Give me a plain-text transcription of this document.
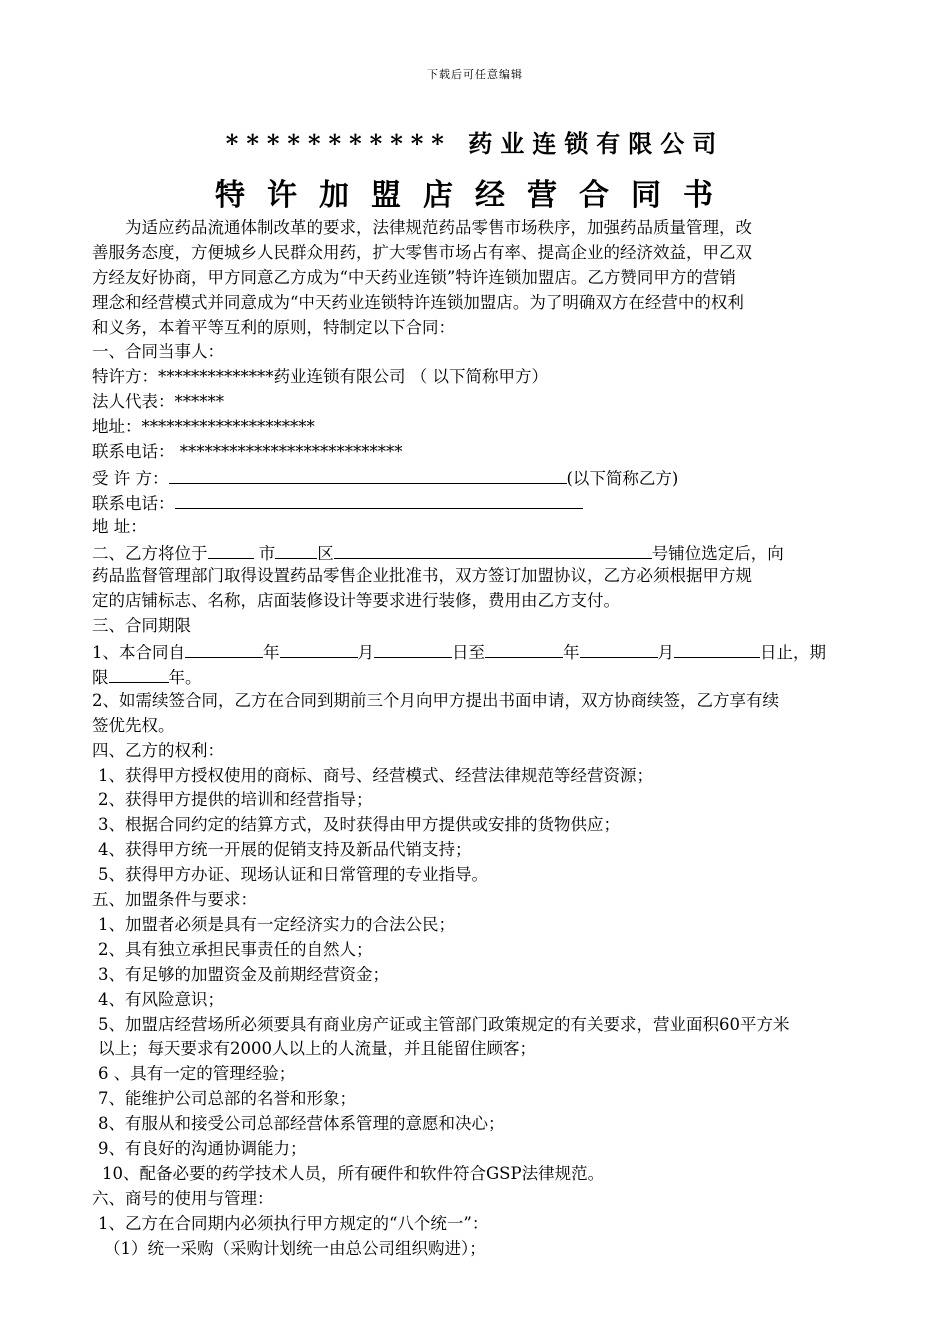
下载后可任意编辑
*********** 药业连锁有限公司
特许加盟店经营合同书
为适应药品流通体制改革的要求，法律规范药品零售市场秩序，加强药品质量管理，改
善服务态度，方便城乡人民群众用药，扩大零售市场占有率、提高企业的经济效益，甲乙双
方经友好协商，甲方同意乙方成为“中天药业连锁”特许连锁加盟店。乙方赞同甲方的营销
理念和经营模式并同意成为“中天药业连锁特许连锁加盟店。为了明确双方在经营中的权利
和义务，本着平等互利的原则，特制定以下合同：
一、合同当事人：
特许方：**************药业连锁有限公司 （ 以下简称甲方）
法人代表：******
地址：*********************
联系电话： ***************************
受 许 方：	(以下简称乙方)
联系电话：
地 址：
二、乙方将位于	市	区	号铺位选定后，向
药品监督管理部门取得设置药品零售企业批准书，双方签订加盟协议，乙方必须根据甲方规
定的店铺标志、名称，店面装修设计等要求进行装修，费用由乙方支付。
三、合同期限
1、本合同自	年	月	日至	年	月	日止，期
限	年。
2、如需续签合同，乙方在合同到期前三个月向甲方提出书面申请，双方协商续签，乙方享有续
签优先权。
四、乙方的权利：
1、获得甲方授权使用的商标、商号、经营模式、经营法律规范等经营资源；
2、获得甲方提供的培训和经营指导；
3、根据合同约定的结算方式，及时获得由甲方提供或安排的货物供应；
4、获得甲方统一开展的促销支持及新品代销支持；
5、获得甲方办证、现场认证和日常管理的专业指导。
五、加盟条件与要求：
1、加盟者必须是具有一定经济实力的合法公民；
2、具有独立承担民事责任的自然人；
3、有足够的加盟资金及前期经营资金；
4、有风险意识；
5、加盟店经营场所必须要具有商业房产证或主管部门政策规定的有关要求，营业面积60平方米
以上；每天要求有2000人以上的人流量，并且能留住顾客；
6 、具有一定的管理经验；
7、能维护公司总部的名誉和形象；
8、有服从和接受公司总部经营体系管理的意愿和决心；
9、有良好的沟通协调能力；
10、配备必要的药学技术人员，所有硬件和软件符合GSP法律规范。
六、商号的使用与管理：
1、乙方在合同期内必须执行甲方规定的“八个统一”：
（1）统一采购（采购计划统一由总公司组织购进）；
